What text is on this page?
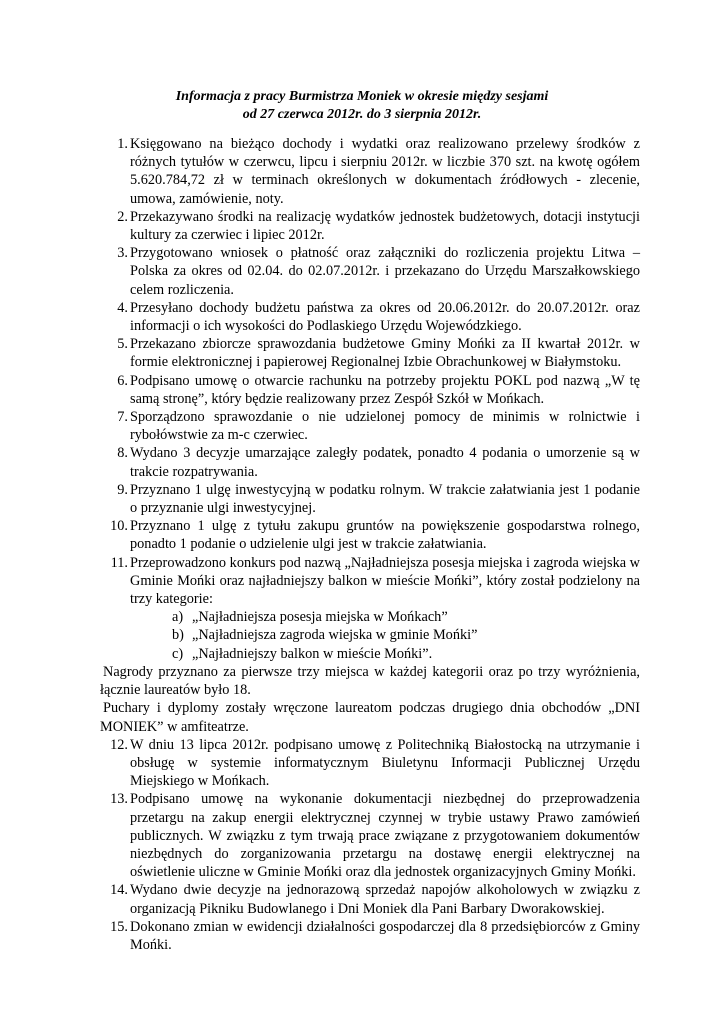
Informacja z pracy Burmistrza Moniek w okresie między sesjami
od 27 czerwca 2012r. do 3 sierpnia 2012r.
1. Księgowano na bieżąco dochody i wydatki oraz realizowano przelewy środków z różnych tytułów w czerwcu, lipcu i sierpniu 2012r. w liczbie 370 szt. na kwotę ogółem 5.620.784,72 zł w terminach określonych w dokumentach źródłowych - zlecenie, umowa, zamówienie, noty.
2. Przekazywano środki na realizację wydatków jednostek budżetowych, dotacji instytucji kultury za czerwiec i lipiec 2012r.
3. Przygotowano wniosek o płatność oraz załączniki do rozliczenia projektu Litwa – Polska za okres od 02.04. do 02.07.2012r. i przekazano do Urzędu Marszałkowskiego celem rozliczenia.
4. Przesyłano dochody budżetu państwa za okres od 20.06.2012r. do 20.07.2012r. oraz informacji o ich wysokości do Podlaskiego Urzędu Wojewódzkiego.
5. Przekazano zbiorcze sprawozdania budżetowe Gminy Mońki za II kwartał 2012r. w formie elektronicznej i papierowej Regionalnej Izbie Obrachunkowej w Białymstoku.
6. Podpisano umowę o otwarcie rachunku na potrzeby projektu POKL pod nazwą „W tę samą stronę”, który będzie realizowany przez Zespół Szkół w Mońkach.
7. Sporządzono sprawozdanie o nie udzielonej pomocy de minimis w rolnictwie i rybołówstwie za m-c czerwiec.
8. Wydano 3 decyzje umarzające zaległy podatek, ponadto 4 podania o umorzenie są w trakcie rozpatrywania.
9. Przyznano 1 ulgę inwestycyjną w podatku rolnym. W trakcie załatwiania jest 1 podanie o przyznanie ulgi inwestycyjnej.
10. Przyznano 1 ulgę z tytułu zakupu gruntów na powiększenie gospodarstwa rolnego, ponadto 1 podanie o udzielenie ulgi jest w trakcie załatwiania.
11. Przeprowadzono konkurs pod nazwą „Najładniejsza posesja miejska i zagroda wiejska w Gminie Mońki oraz najładniejszy balkon w mieście Mońki”, który został podzielony na trzy kategorie:
a) „Najładniejsza posesja miejska w Mońkach”
b) „Najładniejsza zagroda wiejska w gminie Mońki”
c) „Najładniejszy balkon w mieście Mońki”.
Nagrody przyznano za pierwsze trzy miejsca w każdej kategorii oraz po trzy wyróżnienia, łącznie laureatów było 18.
Puchary i dyplomy zostały wręczone laureatom podczas drugiego dnia obchodów „DNI MONIEK” w amfiteatrze.
12. W dniu 13 lipca 2012r. podpisano umowę z Politechniką Białostocką na utrzymanie i obsługę w systemie informatycznym Biuletynu Informacji Publicznej Urzędu Miejskiego w Mońkach.
13. Podpisano umowę na wykonanie dokumentacji niezbędnej do przeprowadzenia przetargu na zakup energii elektrycznej czynnej w trybie ustawy Prawo zamówień publicznych. W związku z tym trwają prace związane z przygotowaniem dokumentów niezbędnych do zorganizowania przetargu na dostawę energii elektrycznej na oświetlenie uliczne w Gminie Mońki oraz dla jednostek organizacyjnych Gminy Mońki.
14. Wydano dwie decyzje na jednorazową sprzedaż napojów alkoholowych w związku z organizacją Pikniku Budowlanego i Dni Moniek dla Pani Barbary Dworakowskiej.
15. Dokonano zmian w ewidencji działalności gospodarczej dla 8 przedsiębiorców z Gminy Mońki.
